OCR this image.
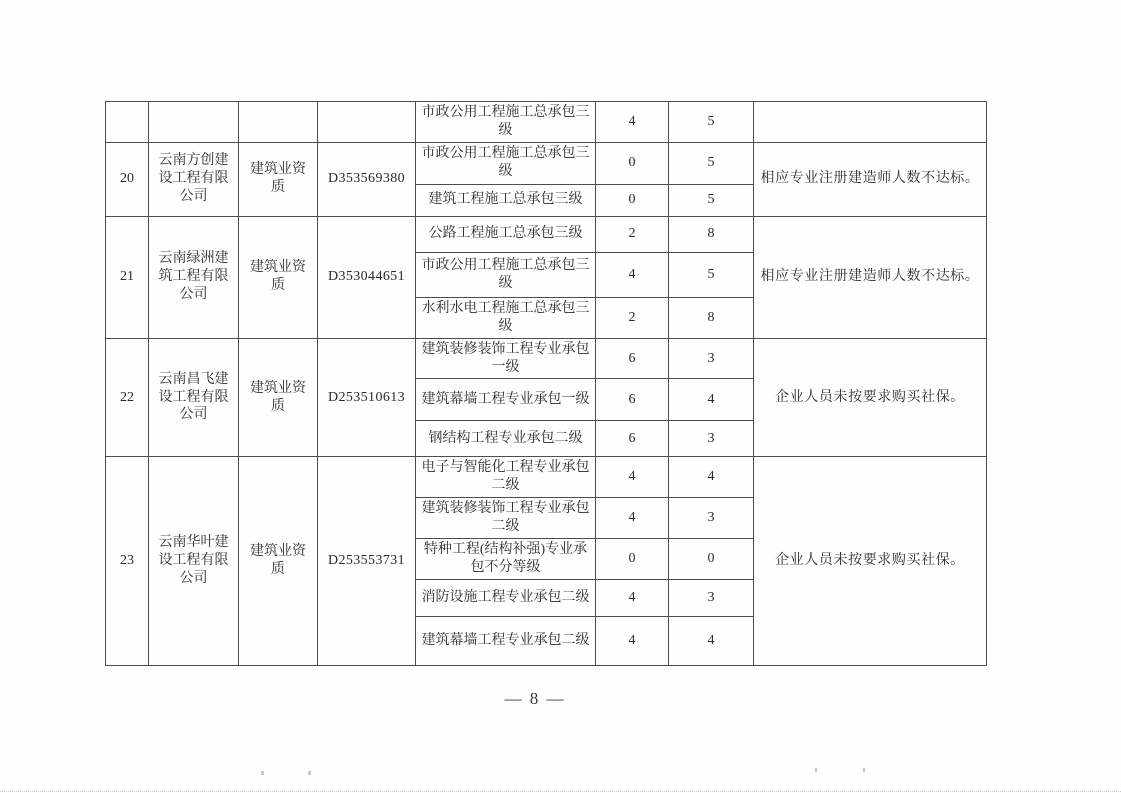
				市政公用工程施工总承包三级	4	5	
20	云南方创建设工程有限公司	建筑业资质	D353569380	市政公用工程施工总承包三级	0	5	相应专业注册建造师人数不达标。
				建筑工程施工总承包三级	0	5	
21	云南绿洲建筑工程有限公司	建筑业资质	D353044651	公路工程施工总承包三级	2	8	相应专业注册建造师人数不达标。
				市政公用工程施工总承包三级	4	5	
				水利水电工程施工总承包三级	2	8	
22	云南昌飞建设工程有限公司	建筑业资质	D253510613	建筑装修装饰工程专业承包一级	6	3	企业人员未按要求购买社保。
				建筑幕墙工程专业承包一级	6	4	
				钢结构工程专业承包二级	6	3	
23	云南华叶建设工程有限公司	建筑业资质	D253553731	电子与智能化工程专业承包二级	4	4	企业人员未按要求购买社保。
				建筑装修装饰工程专业承包二级	4	3	
				特种工程(结构补强)专业承包不分等级	0	0	
				消防设施工程专业承包二级	4	3	
				建筑幕墙工程专业承包二级	4	4	
— 8 —
